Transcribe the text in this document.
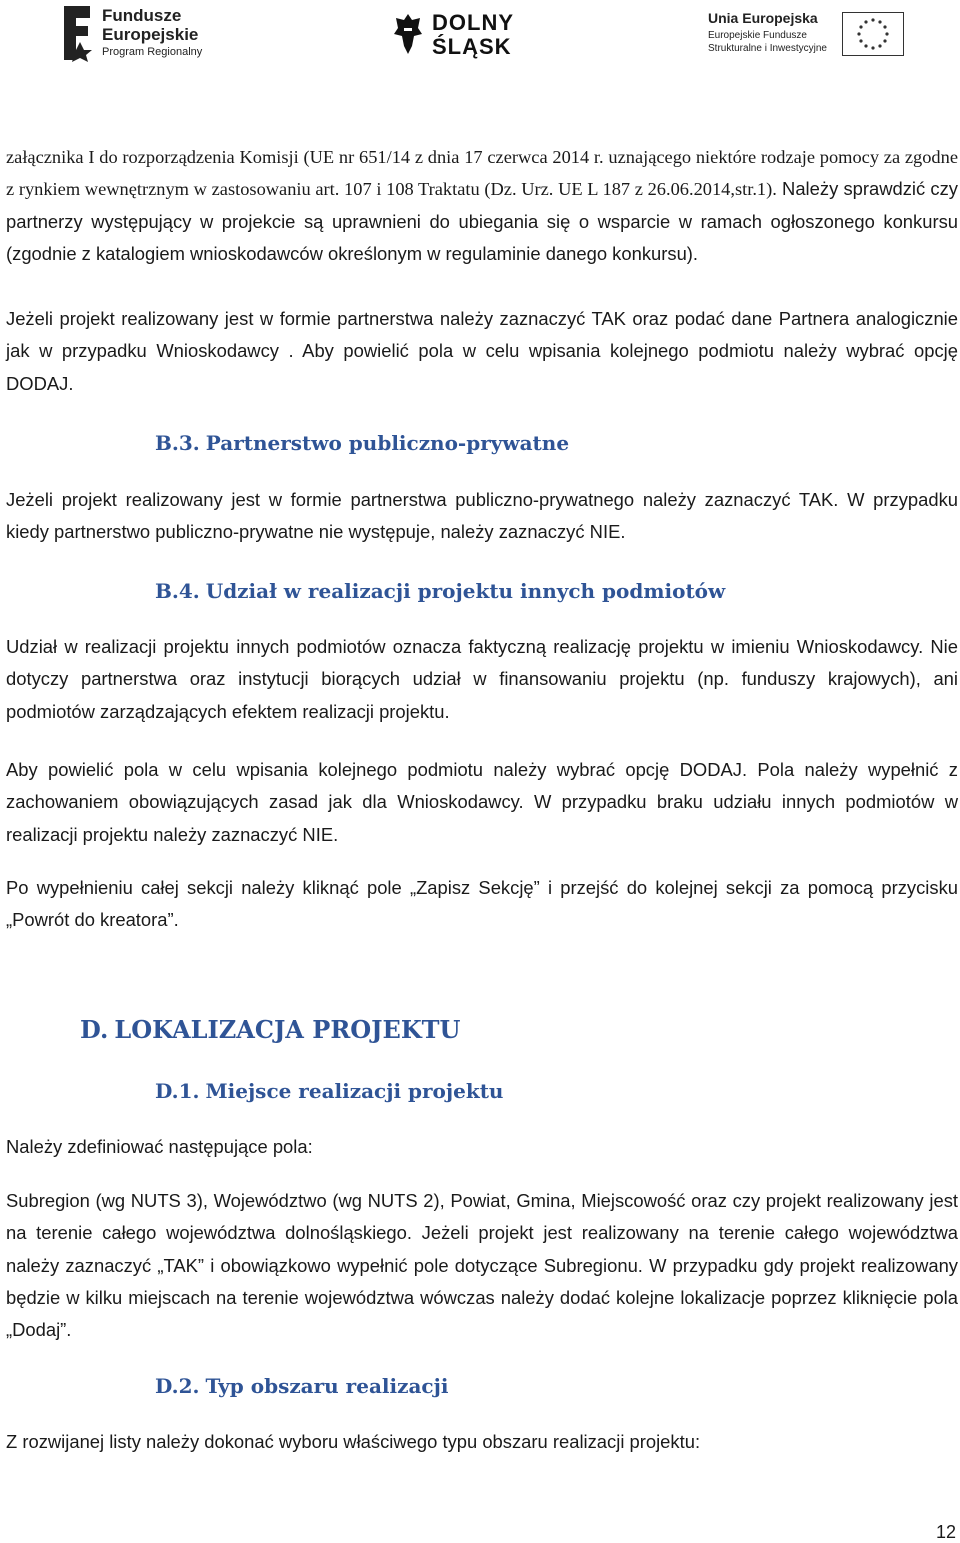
Fundusze
Europejskie
Program Regionalny
DOLNY
ŚLĄSK
Unia Europejska
Europejskie Fundusze
Strukturalne i Inwestycyjne

załącznika I do rozporządzenia Komisji (UE nr 651/14 z dnia 17 czerwca 2014 r. uznającego niektóre rodzaje pomocy za zgodne z rynkiem wewnętrznym w zastosowaniu art. 107 i 108 Traktatu (Dz. Urz. UE L 187 z 26.06.2014,str.1). Należy sprawdzić czy partnerzy występujący w projekcie są uprawnieni do ubiegania się o wsparcie w ramach ogłoszonego konkursu (zgodnie z katalogiem wnioskodawców określonym w regulaminie danego konkursu).

Jeżeli projekt realizowany jest w formie partnerstwa należy zaznaczyć TAK oraz podać dane Partnera analogicznie jak w przypadku Wnioskodawcy . Aby powielić pola w celu wpisania kolejnego podmiotu należy wybrać opcję DODAJ.

B.3. Partnerstwo publiczno-prywatne

Jeżeli projekt realizowany jest w formie partnerstwa publiczno-prywatnego należy zaznaczyć TAK. W przypadku kiedy partnerstwo publiczno-prywatne nie występuje, należy zaznaczyć NIE.

B.4. Udział w realizacji projektu innych podmiotów

Udział w realizacji projektu innych podmiotów oznacza faktyczną realizację projektu w imieniu Wnioskodawcy. Nie dotyczy partnerstwa oraz instytucji biorących udział w finansowaniu projektu (np. funduszy krajowych), ani podmiotów zarządzających efektem realizacji projektu.

Aby powielić pola w celu wpisania kolejnego podmiotu należy wybrać opcję DODAJ. Pola należy wypełnić z zachowaniem obowiązujących zasad jak dla Wnioskodawcy. W przypadku braku udziału innych podmiotów w realizacji projektu należy zaznaczyć NIE.

Po wypełnieniu całej sekcji należy kliknąć pole „Zapisz Sekcję” i przejść do kolejnej sekcji za pomocą przycisku „Powrót do kreatora”.

D. LOKALIZACJA PROJEKTU
D.1. Miejsce realizacji projektu

Należy zdefiniować następujące pola:

Subregion (wg NUTS 3), Województwo (wg NUTS 2), Powiat, Gmina, Miejscowość oraz czy projekt realizowany jest na terenie całego województwa dolnośląskiego. Jeżeli projekt jest realizowany na terenie całego województwa należy zaznaczyć „TAK” i obowiązkowo wypełnić pole dotyczące Subregionu. W przypadku gdy projekt realizowany będzie w kilku miejscach na terenie województwa wówczas należy dodać kolejne lokalizacje poprzez kliknięcie pola „Dodaj”.

D.2. Typ obszaru realizacji

Z rozwijanej listy należy dokonać wyboru właściwego typu obszaru realizacji projektu:

12
